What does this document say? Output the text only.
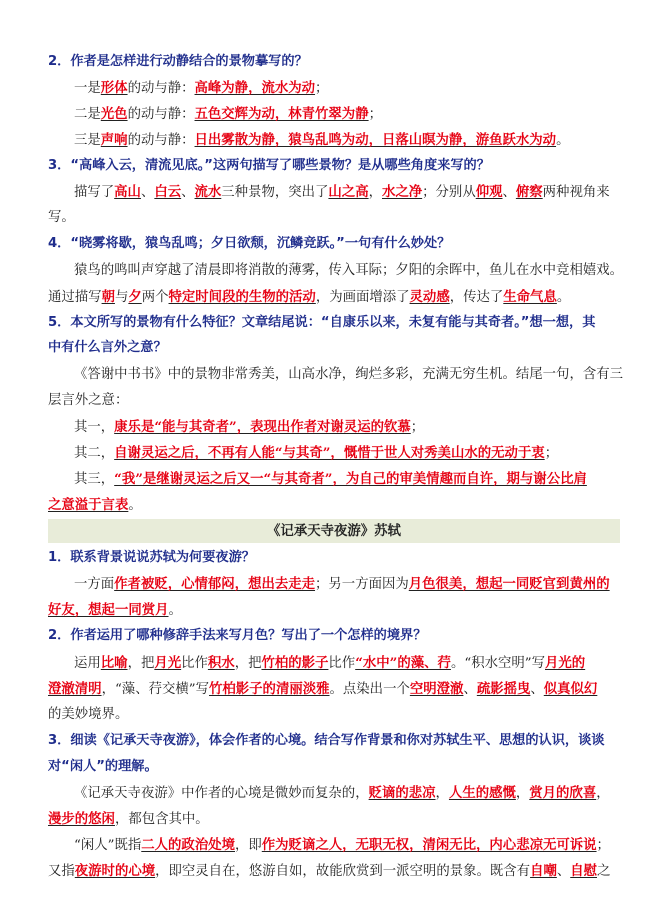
2．作者是怎样进行动静结合的景物摹写的？
一是形体的动与静：高峰为静，流水为动；
二是光色的动与静：五色交辉为动，林青竹翠为静；
三是声响的动与静：日出雾散为静，猿鸟乱鸣为动，日落山暝为静，游鱼跃水为动。
3．“高峰入云，清流见底。”这两句描写了哪些景物？是从哪些角度来写的？
描写了高山、白云、流水三种景物，突出了山之高，水之净；分别从仰观、俯察两种视角来
写。
4．“晓雾将歇，猿鸟乱鸣；夕日欲颓，沉鳞竞跃。”一句有什么妙处？
猿鸟的鸣叫声穿越了清晨即将消散的薄雾，传入耳际；夕阳的余晖中，鱼儿在水中竞相嬉戏。
通过描写朝与夕两个特定时间段的生物的活动，为画面增添了灵动感，传达了生命气息。
5．本文所写的景物有什么特征？文章结尾说：“自康乐以来，未复有能与其奇者。”想一想，其
中有什么言外之意？
《答谢中书书》中的景物非常秀美，山高水净，绚烂多彩，充满无穷生机。结尾一句，含有三
层言外之意：
其一，康乐是“能与其奇者”，表现出作者对谢灵运的钦慕；
其二，自谢灵运之后，不再有人能“与其奇”，慨惜于世人对秀美山水的无动于衷；
其三，“我”是继谢灵运之后又一“与其奇者”，为自己的审美情趣而自许，期与谢公比肩
之意溢于言表。
《记承天寺夜游》苏轼
1．联系背景说说苏轼为何要夜游？
一方面作者被贬，心情郁闷，想出去走走；另一方面因为月色很美，想起一同贬官到黄州的
好友，想起一同赏月。
2．作者运用了哪种修辞手法来写月色？写出了一个怎样的境界？
运用比喻，把月光比作积水，把竹柏的影子比作“水中”的藻、荇。“积水空明”写月光的
澄澈清明，“藻、荇交横”写竹柏影子的清丽淡雅。点染出一个空明澄澈、疏影摇曳、似真似幻
的美妙境界。
3．细读《记承天寺夜游》，体会作者的心境。结合写作背景和你对苏轼生平、思想的认识，谈谈
对“闲人”的理解。
《记承天寺夜游》中作者的心境是微妙而复杂的，贬谪的悲凉，人生的感慨，赏月的欣喜，
漫步的悠闲，都包含其中。
“闲人”既指二人的政治处境，即作为贬谪之人，无职无权，清闲无比，内心悲凉无可诉说；
又指夜游时的心境，即空灵自在，悠游自如，故能欣赏到一派空明的景象。既含有自嘲、自慰之
